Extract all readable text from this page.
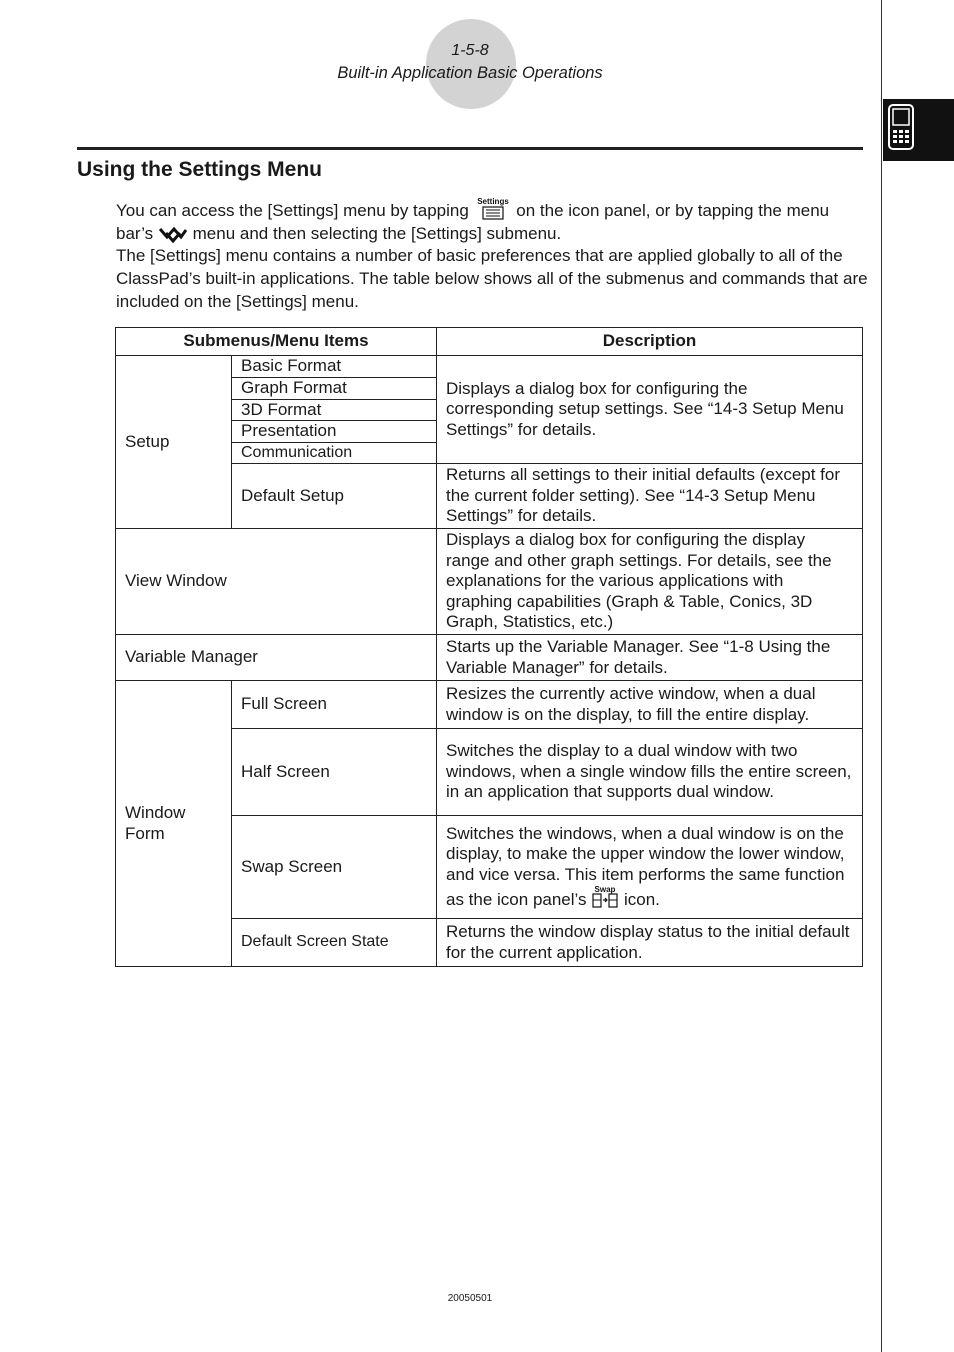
1-5-8
Built-in Application Basic Operations
Using the Settings Menu

You can access the [Settings] menu by tapping Settings on the icon panel, or by tapping the menu bar’s  menu and then selecting the [Settings] submenu.

The [Settings] menu contains a number of basic preferences that are applied globally to all of the ClassPad’s built-in applications. The table below shows all of the submenus and commands that are included on the [Settings] menu.

Submenus/Menu Items		Description
Setup	Basic Format	Displays a dialog box for configuring the corresponding setup settings. See “14-3 Setup Menu Settings” for details.
	Graph Format	
	3D Format	
	Presentation	
	Communication	
	Default Setup	Returns all settings to their initial defaults (except for the current folder setting). See “14-3 Setup Menu Settings” for details.
View Window		Displays a dialog box for configuring the display range and other graph settings. For details, see the explanations for the various applications with graphing capabilities (Graph & Table, Conics, 3D Graph, Statistics, etc.)
Variable Manager		Starts up the Variable Manager. See “1-8 Using the Variable Manager” for details.
Window Form	Full Screen	Resizes the currently active window, when a dual window is on the display, to fill the entire display.
	Half Screen	Switches the display to a dual window with two windows, when a single window fills the entire screen, in an application that supports dual window.
	Swap Screen	Switches the windows, when a dual window is on the display, to make the upper window the lower window, and vice versa. This item performs the same function as the icon panel’s
Swap
icon.
	Default Screen State	Returns the window display status to the initial default for the current application.
20050501
